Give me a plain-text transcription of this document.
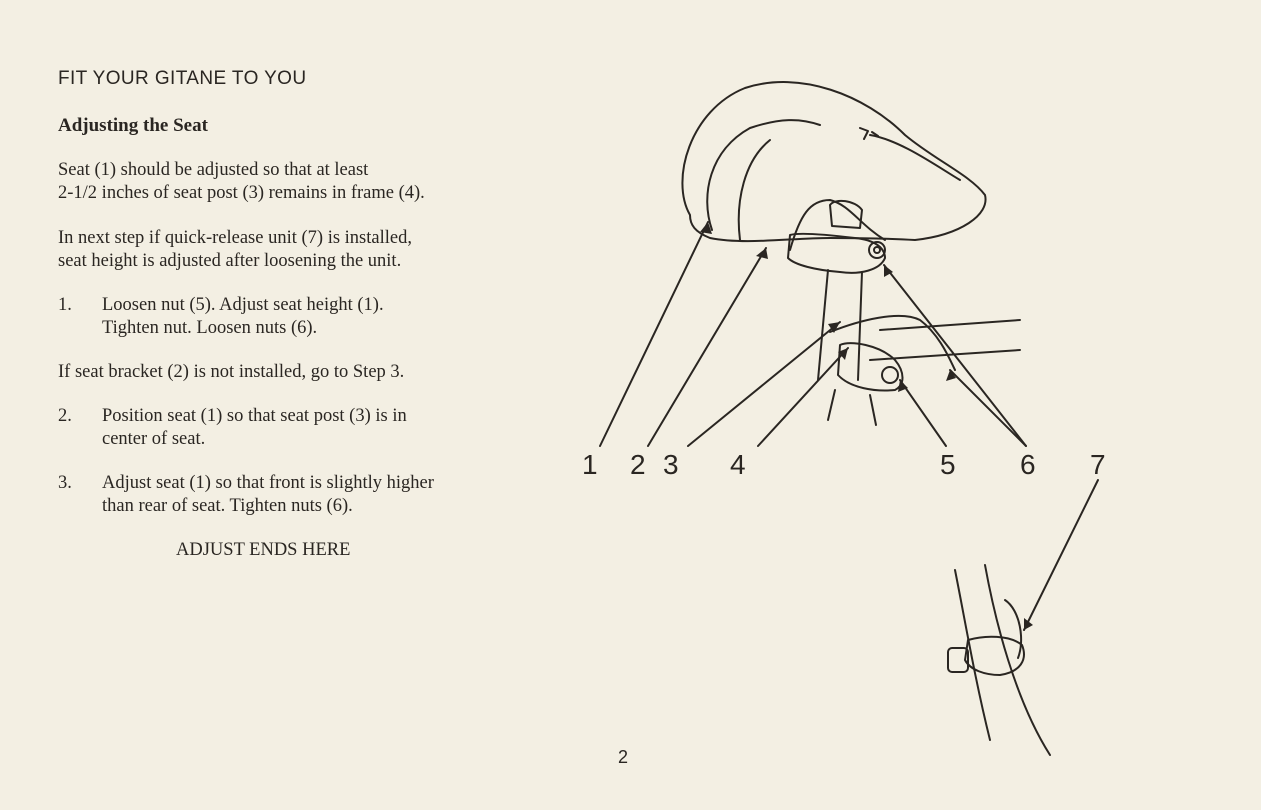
FIT YOUR GITANE TO YOU
Adjusting the Seat
Seat (1) should be adjusted so that at least
2-1/2 inches of seat post (3) remains in frame (4).
In next step if quick-release unit (7) is installed,
seat height is adjusted after loosening the unit.
1. Loosen nut (5). Adjust seat height (1).
Tighten nut. Loosen nuts (6).
If seat bracket (2) is not installed, go to Step 3.
2. Position seat (1) so that seat post (3) is in
center of seat.
3. Adjust seat (1) so that front is slightly higher
than rear of seat. Tighten nuts (6).
ADJUST ENDS HERE
2
1 2 3 4	5 6 7
